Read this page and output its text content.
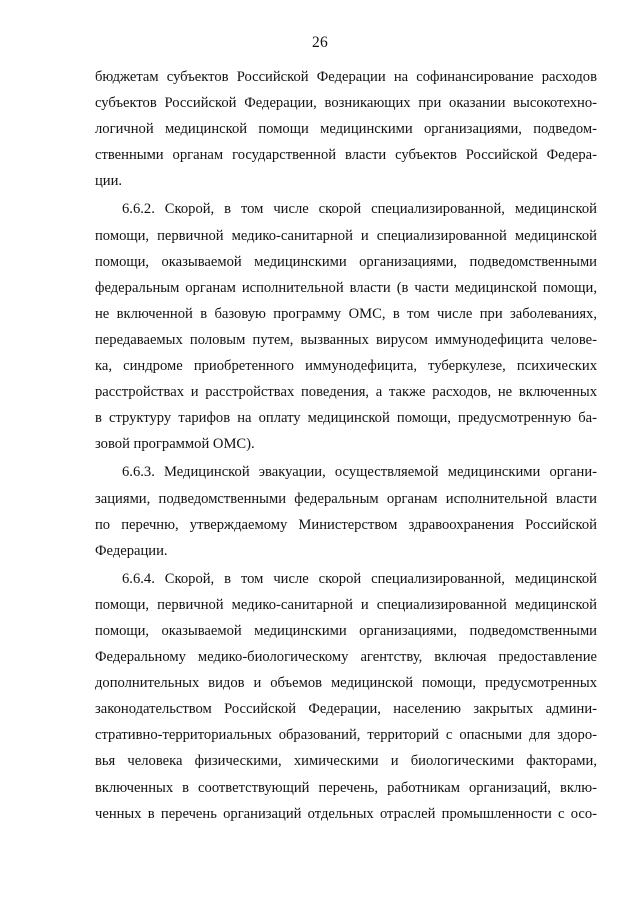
26
бюджетам субъектов Российской Федерации на софинансирование расходов
субъектов Российской Федерации, возникающих при оказании высокотехно-
логичной медицинской помощи медицинскими организациями, подведом-
ственными органам государственной власти субъектов Российской Федера-
ции.
6.6.2. Скорой, в том числе скорой специализированной, медицинской
помощи, первичной медико-санитарной и специализированной медицинской
помощи, оказываемой медицинскими организациями, подведомственными
федеральным органам исполнительной власти (в части медицинской помощи,
не включенной в базовую программу ОМС, в том числе при заболеваниях,
передаваемых половым путем, вызванных вирусом иммунодефицита челове-
ка, синдроме приобретенного иммунодефицита, туберкулезе, психических
расстройствах и расстройствах поведения, а также расходов, не включенных
в структуру тарифов на оплату медицинской помощи, предусмотренную ба-
зовой программой ОМС).
6.6.3. Медицинской эвакуации, осуществляемой медицинскими органи-
зациями, подведомственными федеральным органам исполнительной власти
по перечню, утверждаемому Министерством здравоохранения Российской
Федерации.
6.6.4. Скорой, в том числе скорой специализированной, медицинской
помощи, первичной медико-санитарной и специализированной медицинской
помощи, оказываемой медицинскими организациями, подведомственными
Федеральному медико-биологическому агентству, включая предоставление
дополнительных видов и объемов медицинской помощи, предусмотренных
законодательством Российской Федерации, населению закрытых админи-
стративно-территориальных образований, территорий с опасными для здоро-
вья человека физическими, химическими и биологическими факторами,
включенных в соответствующий перечень, работникам организаций, вклю-
ченных в перечень организаций отдельных отраслей промышленности с осо-
